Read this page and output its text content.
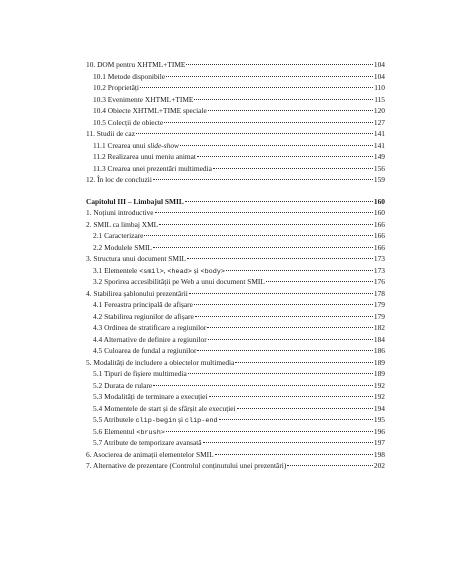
10. DOM pentru XHTML+TIME	104
10.1 Metode disponibile	104
10.2 Proprietăți	110
10.3 Evenimente XHTML+TIME	115
10.4 Obiecte XHTML+TIME speciale	120
10.5 Colecții de obiecte	127
11. Studii de caz	141
11.1 Crearea unui slide-show	141
11.2 Realizarea unui meniu animat	149
11.3 Crearea unei prezentări multimedia	156
12. În loc de concluzii	159
Capitolul III – Limbajul SMIL	160
1. Noțiuni introductive	160
2. SMIL ca limbaj XML	166
2.1 Caracterizare	166
2.2 Modulele SMIL	166
3. Structura unui document SMIL	173
3.1 Elementele <smil>, <head> și <body>	173
3.2 Sporirea accesibilității pe Web a unui document SMIL	176
4. Stabilirea șablonului prezentării	178
4.1 Fereastra principală de afișare	179
4.2 Stabilirea regiunilor de afișare	179
4.3 Ordinea de stratificare a regiunilor	182
4.4 Alternative de definire a regiunilor	184
4.5 Culoarea de fundal a regiunilor	186
5. Modalități de includere a obiectelor multimedia	189
5.1 Tipuri de fișiere multimedia	189
5.2 Durata de rulare	192
5.3 Modalități de terminare a execuției	192
5.4 Momentele de start și de sfârșit ale execuției	194
5.5 Atributele clip-begin și clip-end	195
5.6 Elementul <brush>	196
5.7 Atribute de temporizare avansată	197
6. Asocierea de animații elementelor SMIL	198
7. Alternative de prezentare (Controlul conținutului unei prezentări)	202
